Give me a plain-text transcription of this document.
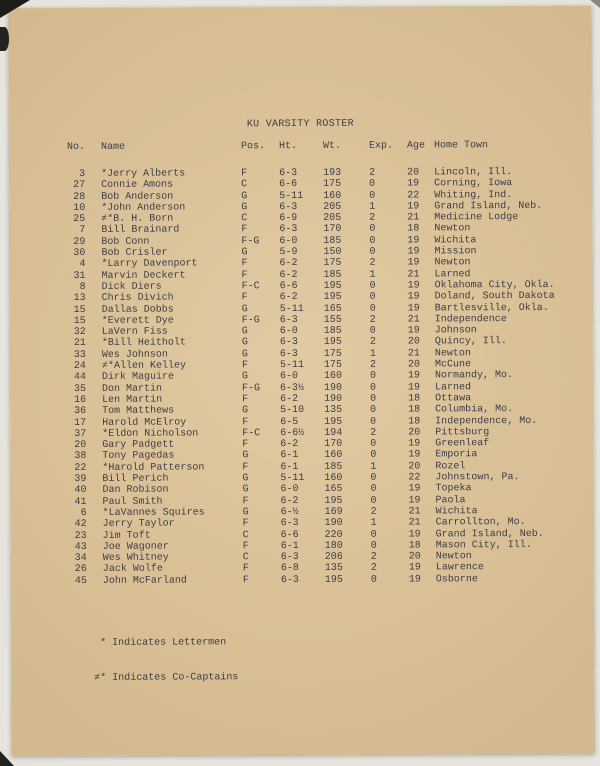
KU VARSITY ROSTER
No.	Name	Pos.	Ht.	Wt.	Exp.	Age	Home Town
3	*Jerry Alberts	F	6-3	193	2	20	Lincoln, Ill.
27	Connie Amons	C	6-6	175	0	19	Corning, Iowa
28	Bob Anderson	G	5-11	160	0	22	Whiting, Ind.
10	*John Anderson	G	6-3	205	1	19	Grand Island, Neb.
25	≠*B. H. Born	C	6-9	205	2	21	Medicine Lodge
7	Bill Brainard	F	6-3	170	0	18	Newton
29	Bob Conn	F-G	6-0	185	0	19	Wichita
30	Bob Crisler	G	5-9	150	0	19	Mission
4	*Larry Davenport	F	6-2	175	2	19	Newton
31	Marvin Deckert	F	6-2	185	1	21	Larned
8	Dick Diers	F-C	6-6	195	0	19	Oklahoma City, Okla.
13	Chris Divich	F	6-2	195	0	19	Doland, South Dakota
15	Dallas Dobbs	G	5-11	165	0	19	Bartlesville, Okla.
15	*Everett Dye	F-G	6-3	155	2	21	Independence
32	LaVern Fiss	G	6-0	185	0	19	Johnson
21	*Bill Heitholt	G	6-3	195	2	20	Quincy, Ill.
33	Wes Johnson	G	6-3	175	1	21	Newton
24	≠*Allen Kelley	F	5-11	175	2	20	McCune
44	Dirk Maguire	G	6-0	160	0	19	Normandy, Mo.
35	Don Martin	F-G	6-3½	190	0	19	Larned
16	Len Martin	F	6-2	190	0	18	Ottawa
36	Tom Matthews	G	5-10	135	0	18	Columbia, Mo.
17	Harold McElroy	F	6-5	195	0	18	Independence, Mo.
37	*Eldon Nicholson	F-C	6-6½	194	2	20	Pittsburg
20	Gary Padgett	F	6-2	170	0	19	Greenleaf
38	Tony Pagedas	G	6-1	160	0	19	Emporia
22	*Harold Patterson	F	6-1	185	1	20	Rozel
39	Bill Perich	G	5-11	160	0	22	Johnstown, Pa.
40	Dan Robison	G	6-0	165	0	19	Topeka
41	Paul Smith	F	6-2	195	0	19	Paola
6	*LaVannes Squires	G	6-½	169	2	21	Wichita
42	Jerry Taylor	F	6-3	190	1	21	Carrollton, Mo.
23	Jim Toft	C	6-6	220	0	19	Grand Island, Neb.
43	Joe Wagoner	F	6-1	180	0	18	Mason City, Ill.
34	Wes Whitney	C	6-3	206	2	20	Newton
26	Jack Wolfe	F	6-8	135	2	19	Lawrence
45	John McFarland	F	6-3	195	0	19	Osborne

* Indicates Lettermen

≠* Indicates Co-Captains
